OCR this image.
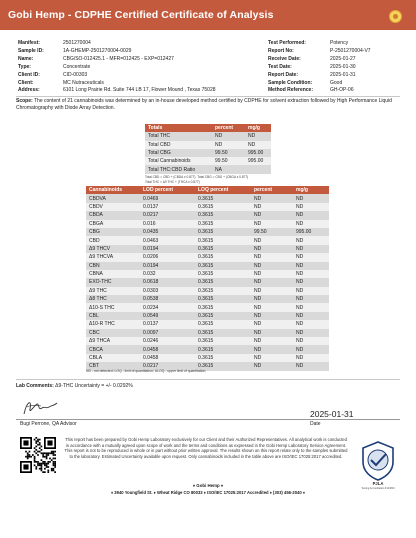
Gobi Hemp - CDPHE Certified Certificate of Analysis
Manifest:	2501270004
Sample ID:	1A-GHEMP-2501270004-0029
Name:	CBG/SO-012425.1 - MFR=012425 - EXP=012427
Type:	Concentrate
Client ID:	CID-00303
Client:	MC Nutraceuticals
Address:	6101 Long Prairie Rd. Suite 744 LB 17, Flower Mound , Texas 75028
Test Performed:	Potency
Report No:	P-2501270004-V7
Receive Date:	2025-01-27
Test Date:	2025-01-30
Report Date:	2025-01-31
Sample Condition:	Good
Method Reference:	GH-OP-06
Scope: The content of 21 cannabinoids was determined by an in-house developed method certified by CDPHE for solvent extraction followed by High Performance Liquid Chromatography with Diode Array Detection.
Totals	percent	mg/g
Total THC	ND	ND
Total CBD	ND	ND
Total CBG	99.50	995.00
Total Cannabinoids	99.50	995.00
Total THC:CBD Ratio	NA	
Total CBD = CBD + (CBDA x 0.877). Total CBG = CBG + (CBGA x 0.877)
Total THC = Δ9 THC + (THCA x 0.877)
Cannabinoids	LOD percent	LOQ percent	percent	mg/g
CBDVA	0.0469	0.3615	ND	ND
CBDV	0.0137	0.3615	ND	ND
CBDA	0.0217	0.3615	ND	ND
CBGA	0.016	0.3615	ND	ND
CBG	0.0435	0.3615	99.50	995.00
CBD	0.0463	0.3615	ND	ND
Δ9 THCV	0.0194	0.3615	ND	ND
Δ9 THCVA	0.0206	0.3615	ND	ND
CBN	0.0194	0.3615	ND	ND
CBNA	0.032	0.3615	ND	ND
EXO-THC	0.0618	0.3615	ND	ND
Δ9 THC	0.0303	0.3615	ND	ND
Δ8 THC	0.0538	0.3615	ND	ND
Δ10-S THC	0.0234	0.3615	ND	ND
CBL	0.0549	0.3615	ND	ND
Δ10-R THC	0.0137	0.3615	ND	ND
CBC	0.0097	0.3615	ND	ND
Δ9 THCA	0.0246	0.3615	ND	ND
CBCA	0.0458	0.3615	ND	ND
CBLA	0.0458	0.3615	ND	ND
CBT	0.0217	0.3615	ND	ND
ND - not detected; LOQ - limit of quantitation; ULOQ - upper limit of quantitation;
Lab Comments: Δ9-THC Uncertainty = +/- 0.0292%
Bugi Perrone, QA Advisor
2025-01-31
Date
This report has been prepared by Gobi Hemp Laboratory exclusively for our Client and their Authorized Representatives. All analytical work is conducted in accordance with a mutually agreed upon scope of work and the terms and conditions as expressed in the Gobi Hemp Laboratory Service Agreement. This report is not to be reproduced in whole or in part without prior written approval. The results shown on this report relate only to the samples submitted to the laboratory. Estimated Uncertainty available upon request. Only cannabinoids included in the table above are ISO/IEC 17025:2017 accredited.
PJLA
Testing Accreditation #123843
♦ Gobi Hemp ♦
♦ 3940 Youngfield St. ♦ Wheat Ridge CO 80033 ♦ ISO/IEC 17025:2017 Accredited ♦ (303) 456-2040 ♦
